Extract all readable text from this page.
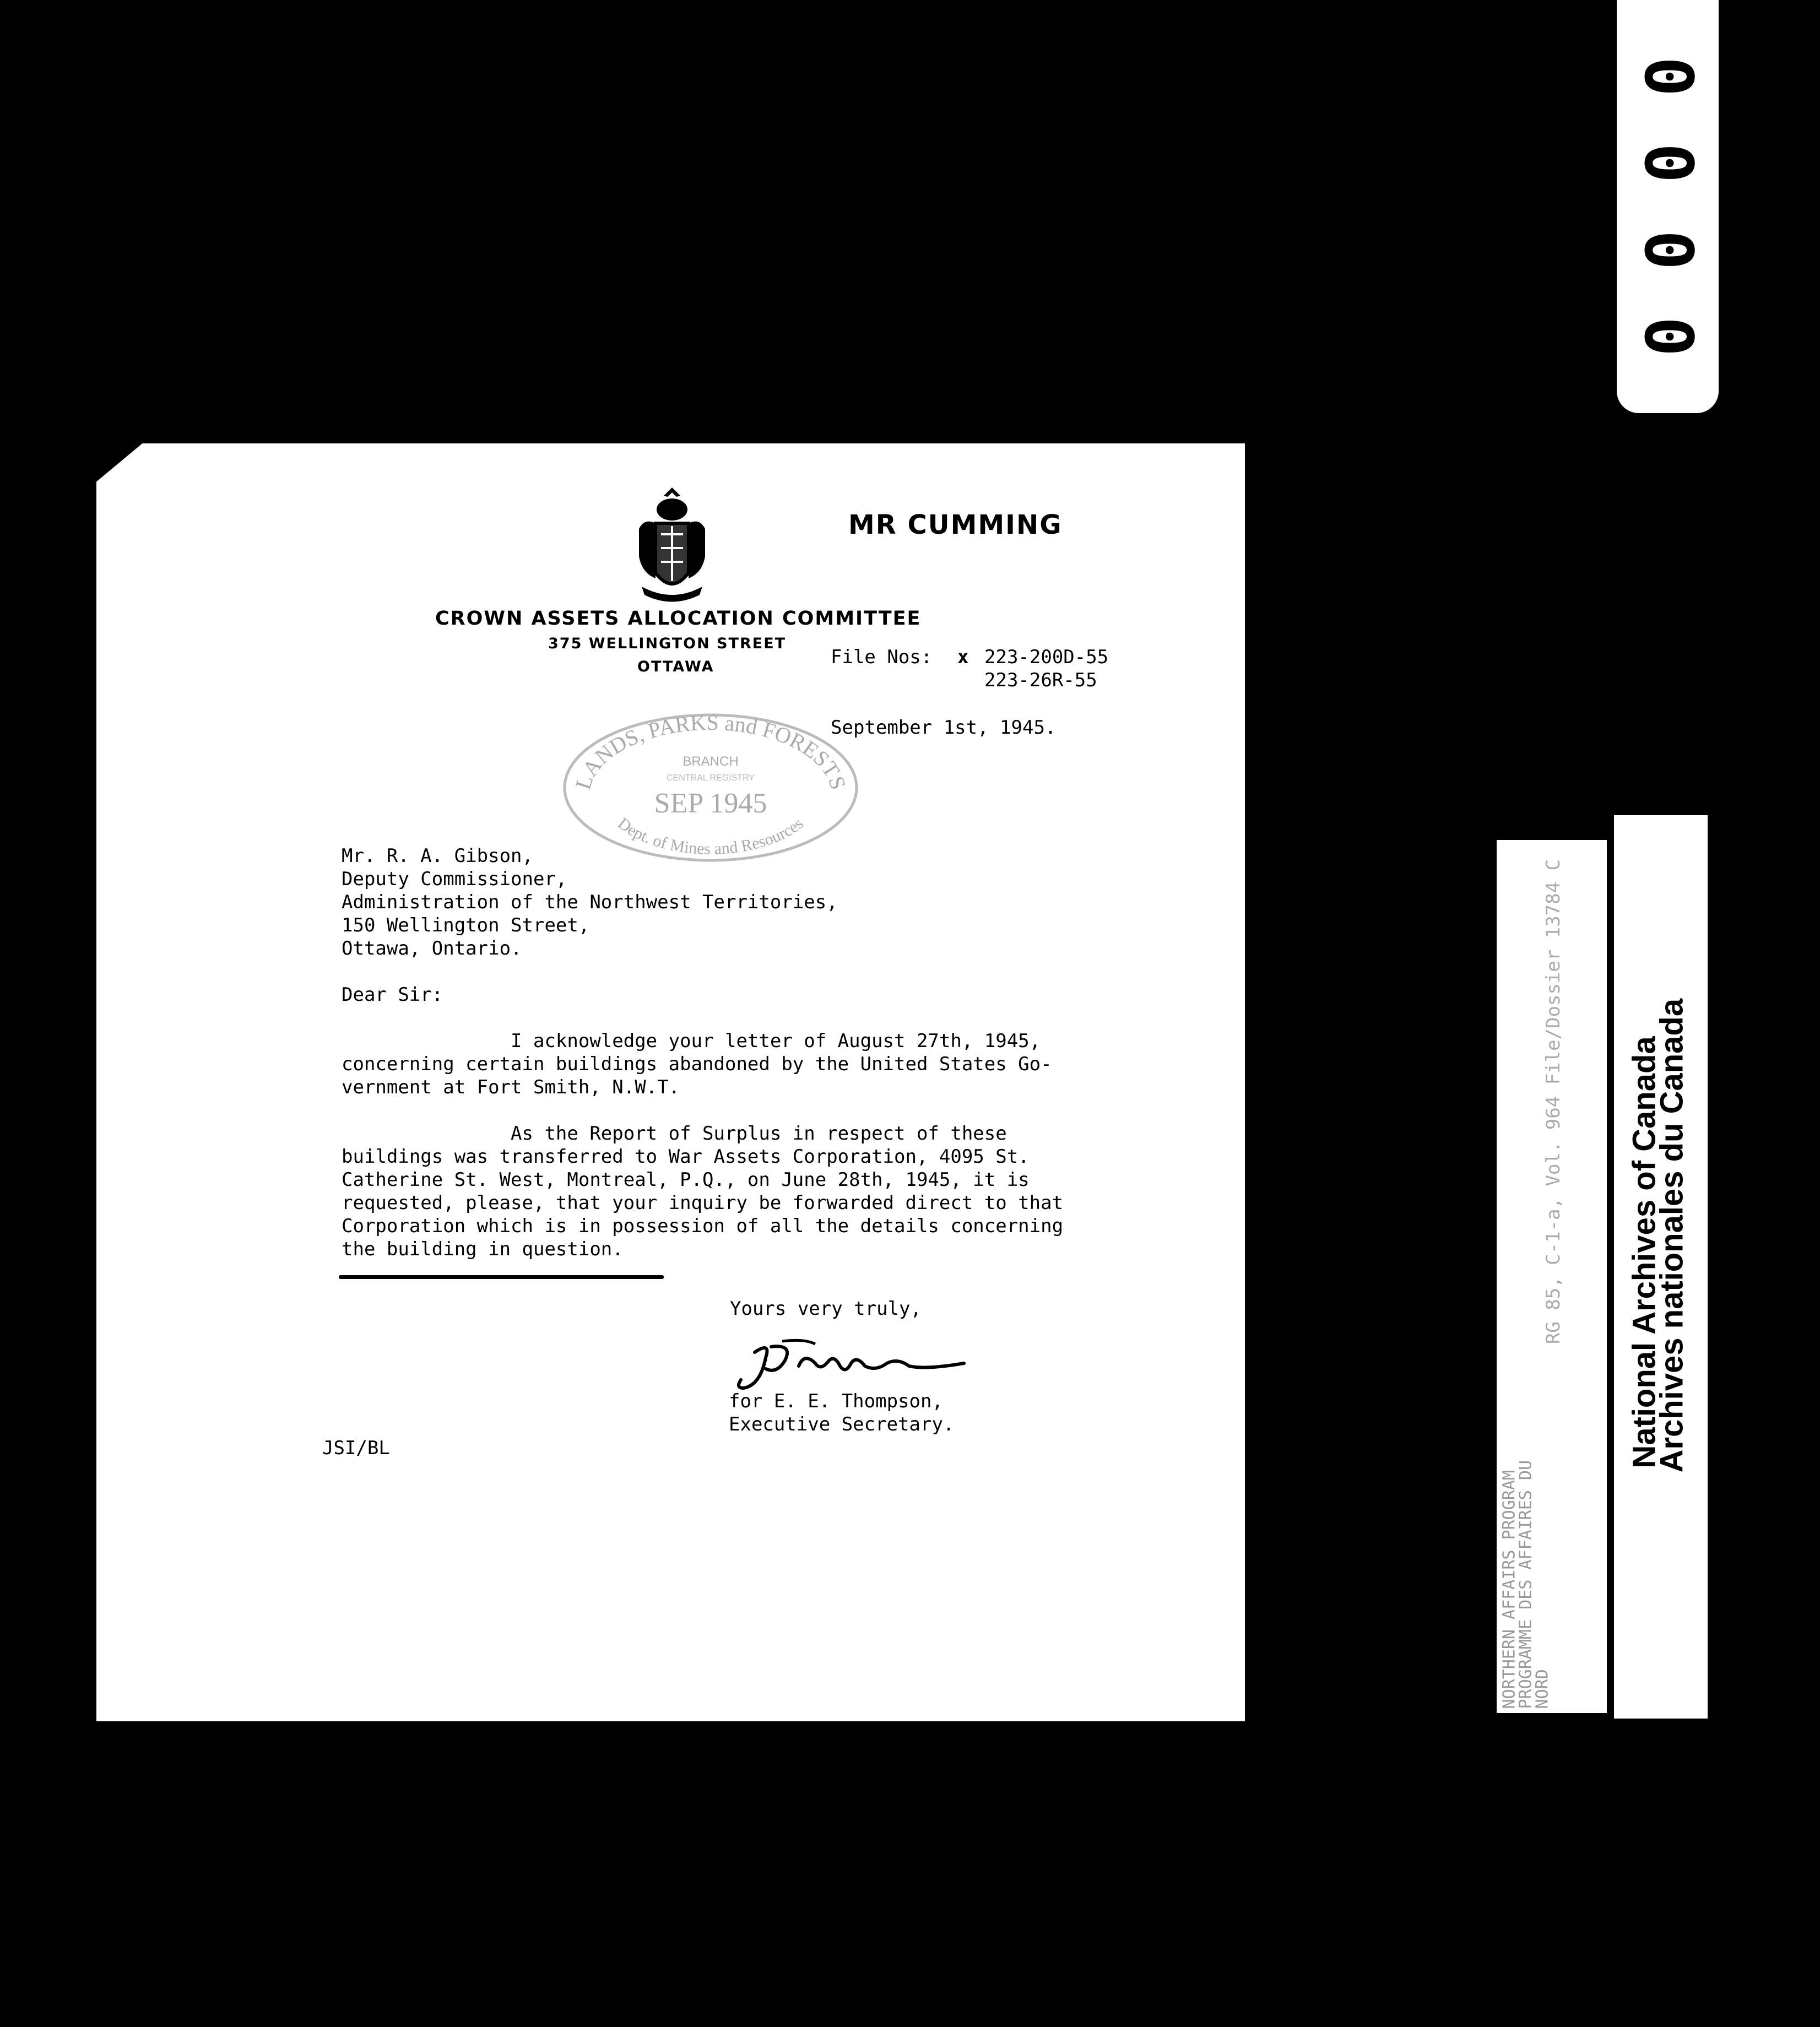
0
0
0
0
MR CUMMING
CROWN ASSETS ALLOCATION COMMITTEE
375 WELLINGTON STREET
OTTAWA	File Nos: x 223-200D-55
223-26R-55
September 1st, 1945.
LANDS, PARKS and FORESTS
BRANCH
CENTRAL REGISTRY
SEP 1945
Dept. of Mines and Resources
Mr. R. A. Gibson,
Deputy Commissioner,
Administration of the Northwest Territories,
150 Wellington Street,
Ottawa, Ontario.
Dear Sir:
I acknowledge your letter of August 27th, 1945,
concerning certain buildings abandoned by the United States Go-
vernment at Fort Smith, N.W.T.
As the Report of Surplus in respect of these
buildings was transferred to War Assets Corporation, 4095 St.
Catherine St. West, Montreal, P.Q., on June 28th, 1945, it is
requested, please, that your inquiry be forwarded direct to that
Corporation which is in possession of all the details concerning
the building in question.
Yours very truly,
for E. E. Thompson,
Executive Secretary.
JSI/BL
RG 85, C-1-a, Vol. 964 File/Dossier 13784 C
NORTHERN AFFAIRS PROGRAM
PROGRAMME DES AFFAIRES DU
NORD
National Archives of Canada
Archives nationales du Canada
